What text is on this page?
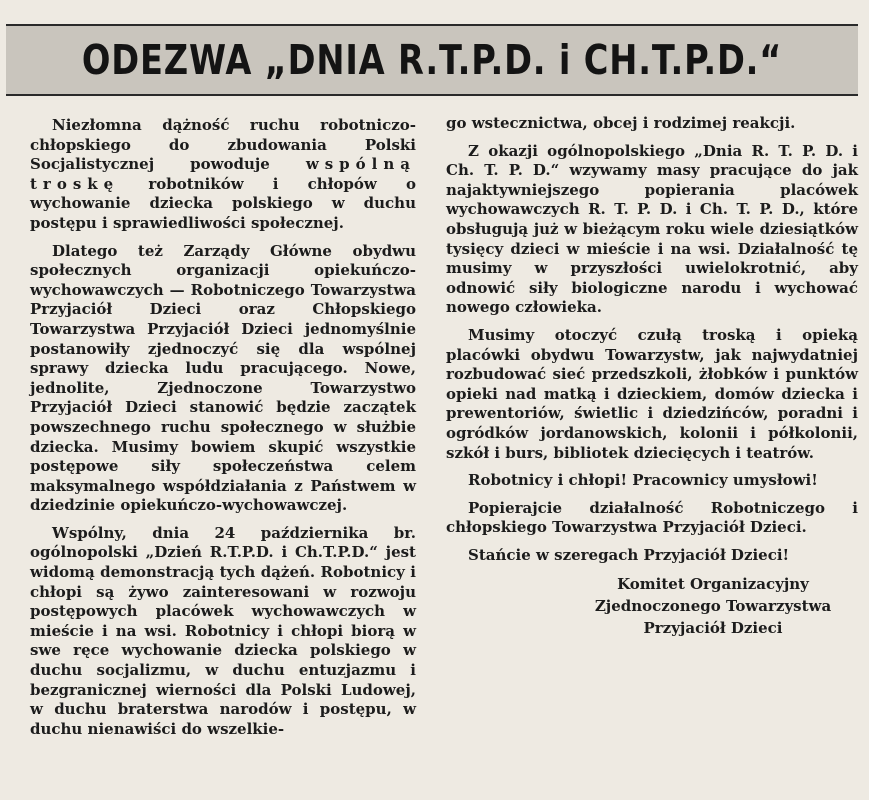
ODEZWA „DNIA R.T.P.D. i CH.T.P.D.“

Niezłomna dążność ruchu robotniczo-chłopskiego do zbudowania Polski Socjalistycznej powoduje wspólną troskę robotników i chłopów o wychowanie dziecka polskiego w duchu postępu i sprawiedliwości społecznej.

Dlatego też Zarządy Główne obydwu społecznych organizacji opiekuńczo-wychowawczych — Robotniczego Towarzystwa Przyjaciół Dzieci oraz Chłopskiego Towarzystwa Przyjaciół Dzieci jednomyślnie postanowiły zjednoczyć się dla wspólnej sprawy dziecka ludu pracującego. Nowe, jednolite, Zjednoczone Towarzystwo Przyjaciół Dzieci stanowić będzie zaczątek powszechnego ruchu społecznego w służbie dziecka. Musimy bowiem skupić wszystkie postępowe siły społeczeństwa celem maksymalnego współdziałania z Państwem w dziedzinie opiekuńczo-wychowawczej.

Wspólny, dnia 24 października br. ogólnopolski „Dzień R.T.P.D. i Ch.T.P.D.“ jest widomą demonstracją tych dążeń. Robotnicy i chłopi są żywo zainteresowani w rozwoju postępowych placówek wychowawczych w mieście i na wsi. Robotnicy i chłopi biorą w swe ręce wychowanie dziecka polskiego w duchu socjalizmu, w duchu entuzjazmu i bezgranicznej wierności dla Polski Ludowej, w duchu braterstwa narodów i postępu, w duchu nienawiści do wszelkie-

go wstecznictwa, obcej i rodzimej reakcji.

Z okazji ogólnopolskiego „Dnia R. T. P. D. i Ch. T. P. D.“ wzywamy masy pracujące do jak najaktywniejszego popierania placówek wychowawczych R. T. P. D. i Ch. T. P. D., które obsługują już w bieżącym roku wiele dziesiątków tysięcy dzieci w mieście i na wsi. Działalność tę musimy w przyszłości uwielokrotnić, aby odnowić siły biologiczne narodu i wychować nowego człowieka.

Musimy otoczyć czułą troską i opieką placówki obydwu Towarzystw, jak najwydatniej rozbudować sieć przedszkoli, żłobków i punktów opieki nad matką i dzieckiem, domów dziecka i prewentoriów, świetlic i dziedzińców, poradni i ogródków jordanowskich, kolonii i półkolonii, szkół i burs, bibliotek dziecięcych i teatrów.

Robotnicy i chłopi! Pracownicy umysłowi!

Popierajcie działalność Robotniczego i chłopskiego Towarzystwa Przyjaciół Dzieci.

Stańcie w szeregach Przyjaciół Dzieci!

Komitet Organizacyjny
Zjednoczonego Towarzystwa
Przyjaciół Dzieci
